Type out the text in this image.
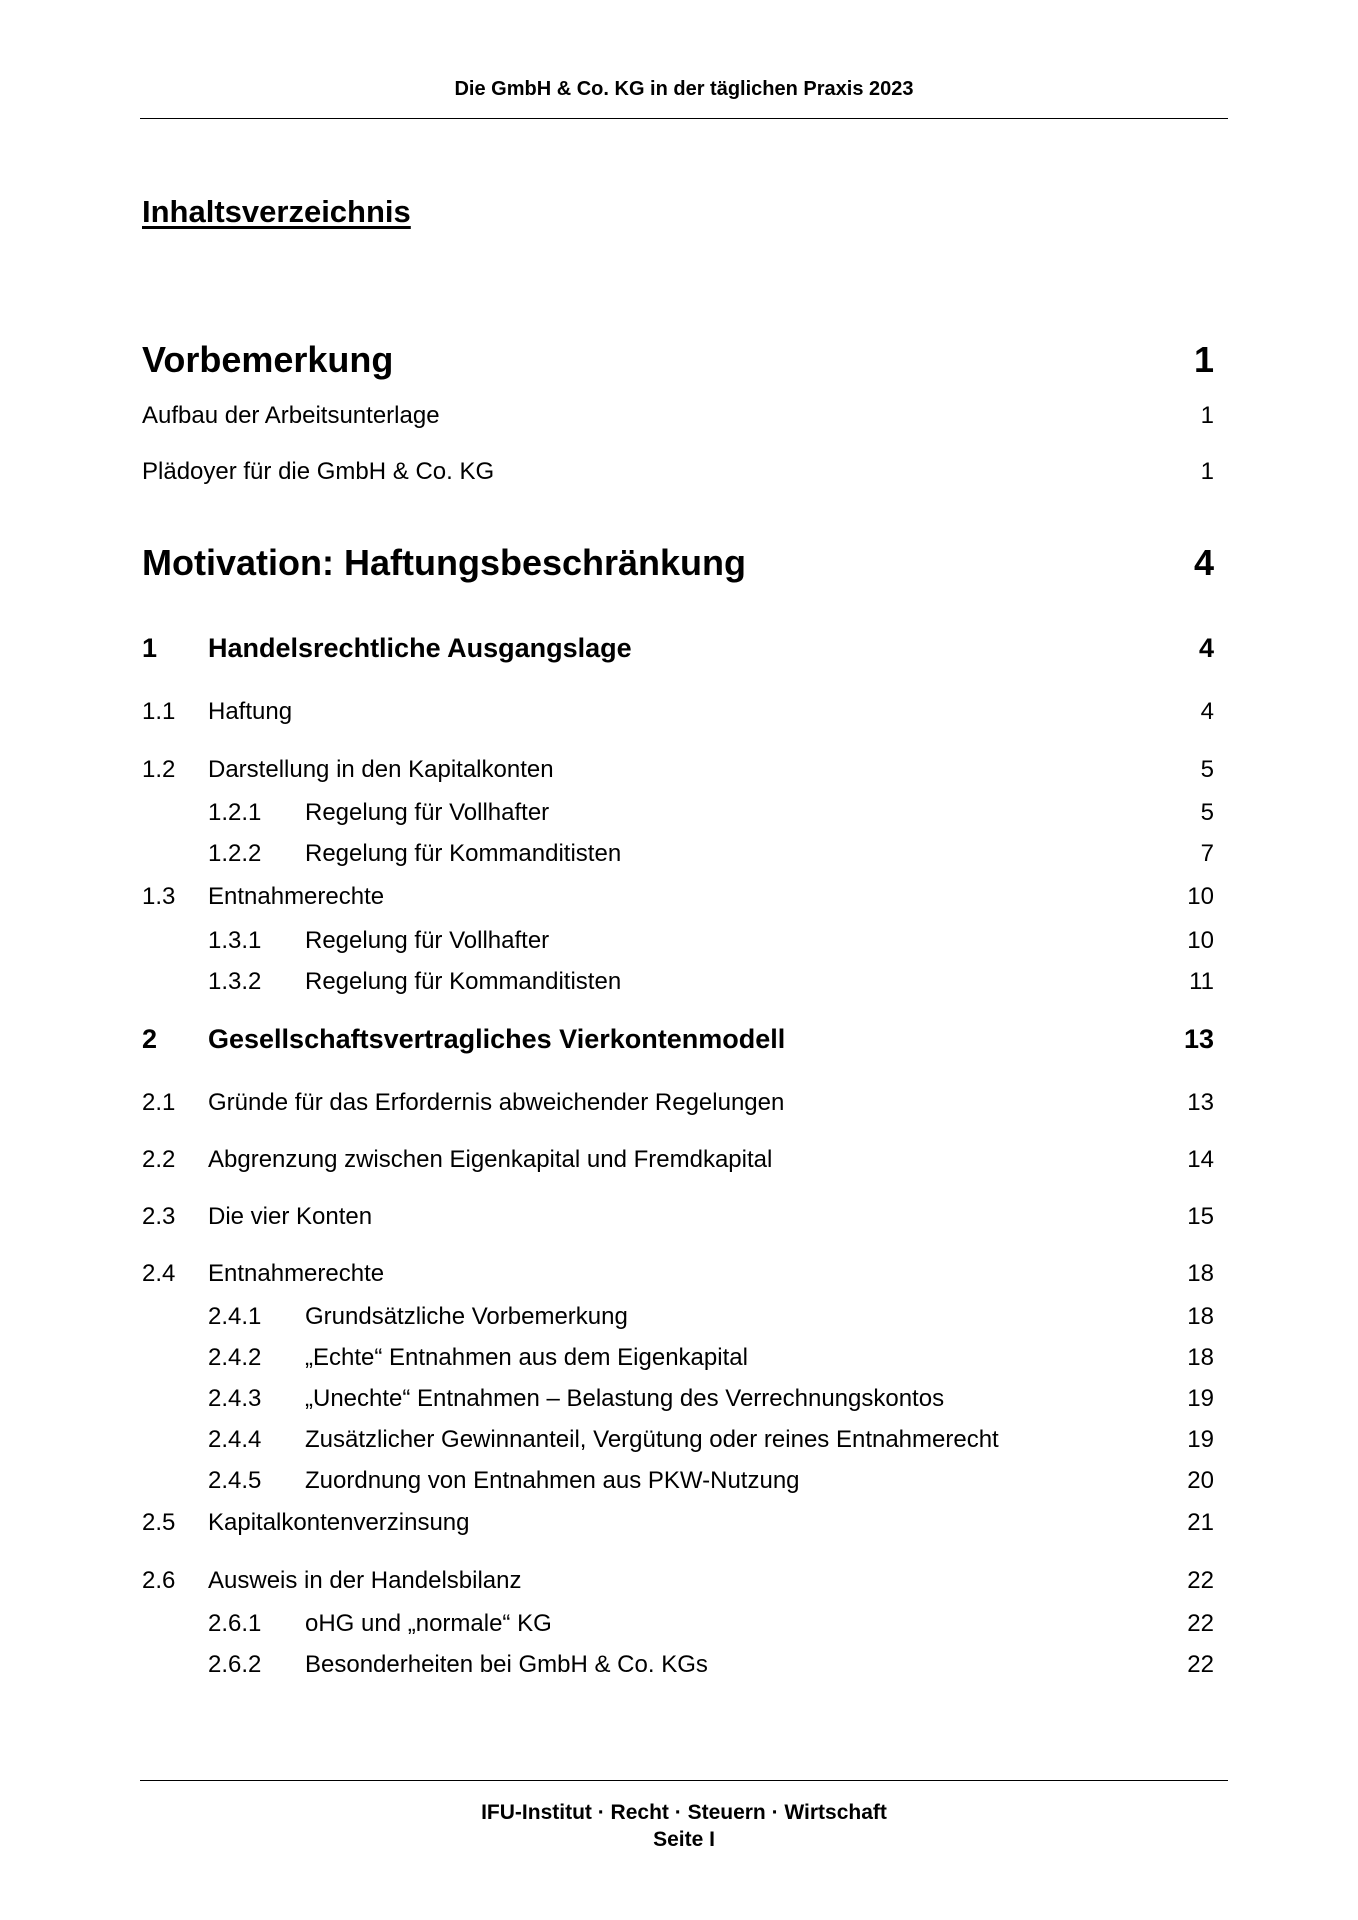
Die GmbH & Co. KG in der täglichen Praxis 2023
Inhaltsverzeichnis
Vorbemerkung	1
Aufbau der Arbeitsunterlage	1
Plädoyer für die GmbH & Co. KG	1
Motivation: Haftungsbeschränkung	4
1 Handelsrechtliche Ausgangslage	4
1.1 Haftung	4
1.2 Darstellung in den Kapitalkonten	5
1.2.1 Regelung für Vollhafter	5
1.2.2 Regelung für Kommanditisten	7
1.3 Entnahmerechte	10
1.3.1 Regelung für Vollhafter	10
1.3.2 Regelung für Kommanditisten	11
2 Gesellschaftsvertragliches Vierkontenmodell	13
2.1 Gründe für das Erfordernis abweichender Regelungen	13
2.2 Abgrenzung zwischen Eigenkapital und Fremdkapital	14
2.3 Die vier Konten	15
2.4 Entnahmerechte	18
2.4.1 Grundsätzliche Vorbemerkung	18
2.4.2 „Echte“ Entnahmen aus dem Eigenkapital	18
2.4.3 „Unechte“ Entnahmen – Belastung des Verrechnungskontos	19
2.4.4 Zusätzlicher Gewinnanteil, Vergütung oder reines Entnahmerecht	19
2.4.5 Zuordnung von Entnahmen aus PKW-Nutzung	20
2.5 Kapitalkontenverzinsung	21
2.6 Ausweis in der Handelsbilanz	22
2.6.1 oHG und „normale“ KG	22
2.6.2 Besonderheiten bei GmbH & Co. KGs	22
IFU-Institut · Recht · Steuern · Wirtschaft
Seite I
